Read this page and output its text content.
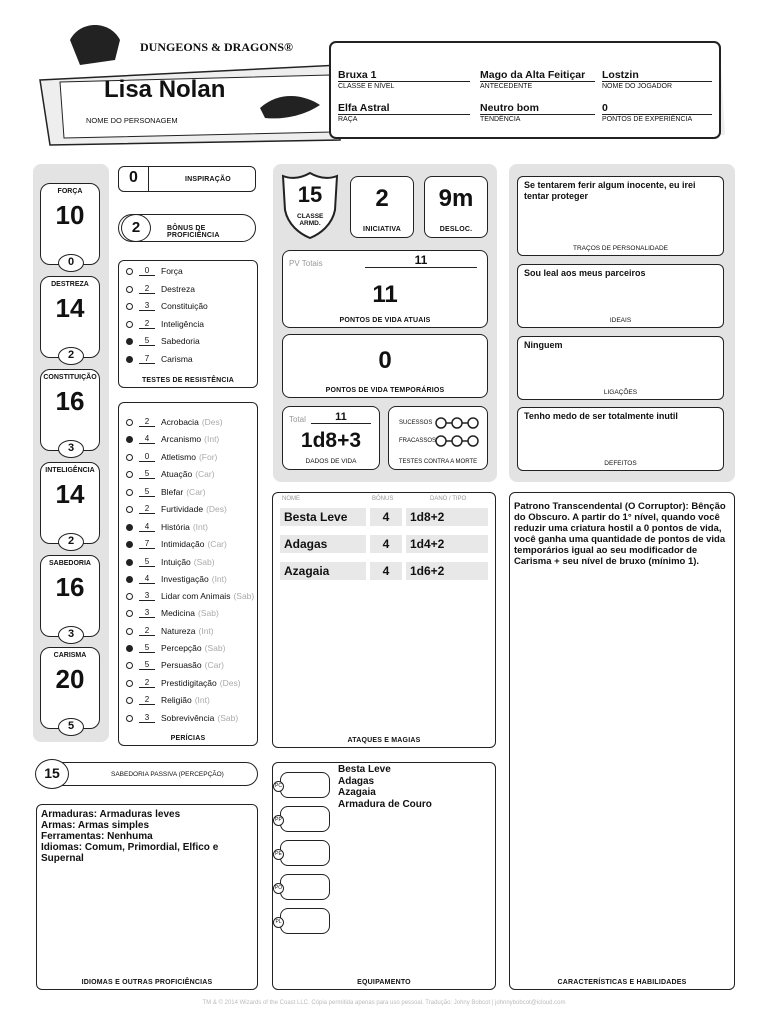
DUNGEONS & DRAGONS®
Lisa Nolan
NOME DO PERSONAGEM
Bruxa 1
CLASSE E NÍVEL
Mago da Alta Feitiçar
ANTECEDENTE
Lostzin
NOME DO JOGADOR
Elfa Astral
RAÇA
Neutro bom
TENDÊNCIA
0
PONTOS DE EXPERIÊNCIA
FORÇA
10
0
DESTREZA
14
2
CONSTITUIÇÃO
16
3
INTELIGÊNCIA
14
2
SABEDORIA
16
3
CARISMA
20
5
0	INSPIRAÇÃO
2	BÔNUS DE PROFICIÊNCIA
TESTES DE RESISTÊNCIA
0	Força
2	Destreza
3	Constituição
2	Inteligência
5	Sabedoria
7	Carisma
PERÍCIAS
2	Acrobacia (Des)
4	Arcanismo (Int)
0	Atletismo (For)
5	Atuação (Car)
5	Blefar (Car)
2	Furtividade (Des)
4	História (Int)
7	Intimidação (Car)
5	Intuição (Sab)
4	Investigação (Int)
3	Lidar com Animais (Sab)
3	Medicina (Sab)
2	Natureza (Int)
5	Percepção (Sab)
5	Persuasão (Car)
2	Prestidigitação (Des)
2	Religião (Int)
3	Sobrevivência (Sab)
15	SABEDORIA PASSIVA (PERCEPÇÃO)
Armaduras: Armaduras leves
Armas: Armas simples
Ferramentas: Nenhuma
Idiomas: Comum, Primordial, Elfico e Supernal
IDIOMAS E OUTRAS PROFICIÊNCIAS
15
CLASSE ARMD.
2
INICIATIVA
9m
DESLOC.
PV Totais	11
11
PONTOS DE VIDA ATUAIS
0
PONTOS DE VIDA TEMPORÁRIOS
Total	11
1d8+3
DADOS DE VIDA
SUCESSOS
FRACASSOS
TESTES CONTRA A MORTE
ATAQUES E MAGIAS
NOME	BÔNUS	DANO / TIPO
Besta Leve	4	1d8+2
Adagas	4	1d4+2
Azagaia	4	1d6+2
EQUIPAMENTO
PC
PP
PE
PO
PL
Besta Leve
Adagas
Azagaia
Armadura de Couro
Se tentarem ferir algum inocente, eu irei tentar proteger
TRAÇOS DE PERSONALIDADE
Sou leal aos meus parceiros
IDEAIS
Ninguem
LIGAÇÕES
Tenho medo de ser totalmente inutil
DEFEITOS
Patrono Transcendental (O Corruptor): Bênção do Obscuro. A partir do 1° nível, quando você reduzir uma criatura hostil a 0 pontos de vida, você ganha uma quantidade de pontos de vida temporários igual ao seu modificador de Carisma + seu nível de bruxo (mínimo 1).
CARACTERÍSTICAS E HABILIDADES
TM & © 2014 Wizards of the Coast LLC. Cópia permitida apenas para uso pessoal. Tradução: Johny Bobcot | johnnybobcot@icloud.com
